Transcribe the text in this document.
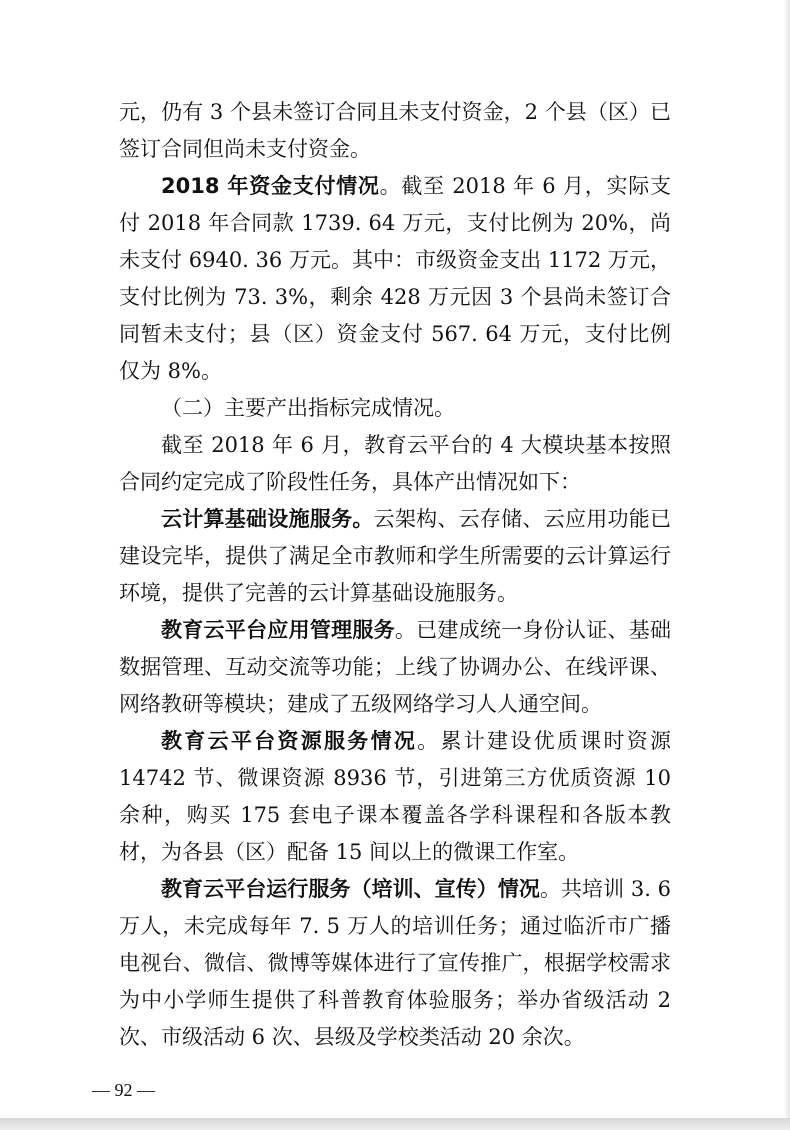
元，仍有 3 个县未签订合同且未支付资金，2 个县（区）已签订合同但尚未支付资金。

2018 年资金支付情况。截至 2018 年 6 月，实际支付 2018 年合同款 1739. 64 万元，支付比例为 20%，尚未支付 6940. 36 万元。其中：市级资金支出 1172 万元，支付比例为 73. 3%，剩余 428 万元因 3 个县尚未签订合同暂未支付；县（区）资金支付 567. 64 万元，支付比例仅为 8%。

（二）主要产出指标完成情况。

截至 2018 年 6 月，教育云平台的 4 大模块基本按照合同约定完成了阶段性任务，具体产出情况如下：

云计算基础设施服务。云架构、云存储、云应用功能已建设完毕，提供了满足全市教师和学生所需要的云计算运行环境，提供了完善的云计算基础设施服务。

教育云平台应用管理服务。已建成统一身份认证、基础数据管理、互动交流等功能；上线了协调办公、在线评课、网络教研等模块；建成了五级网络学习人人通空间。

教育云平台资源服务情况。累计建设优质课时资源 14742 节、微课资源 8936 节，引进第三方优质资源 10 余种，购买 175 套电子课本覆盖各学科课程和各版本教材，为各县（区）配备 15 间以上的微课工作室。

教育云平台运行服务（培训、宣传）情况。共培训 3. 6 万人，未完成每年 7. 5 万人的培训任务；通过临沂市广播电视台、微信、微博等媒体进行了宣传推广，根据学校需求为中小学师生提供了科普教育体验服务；举办省级活动 2 次、市级活动 6 次、县级及学校类活动 20 余次。

— 92 —
